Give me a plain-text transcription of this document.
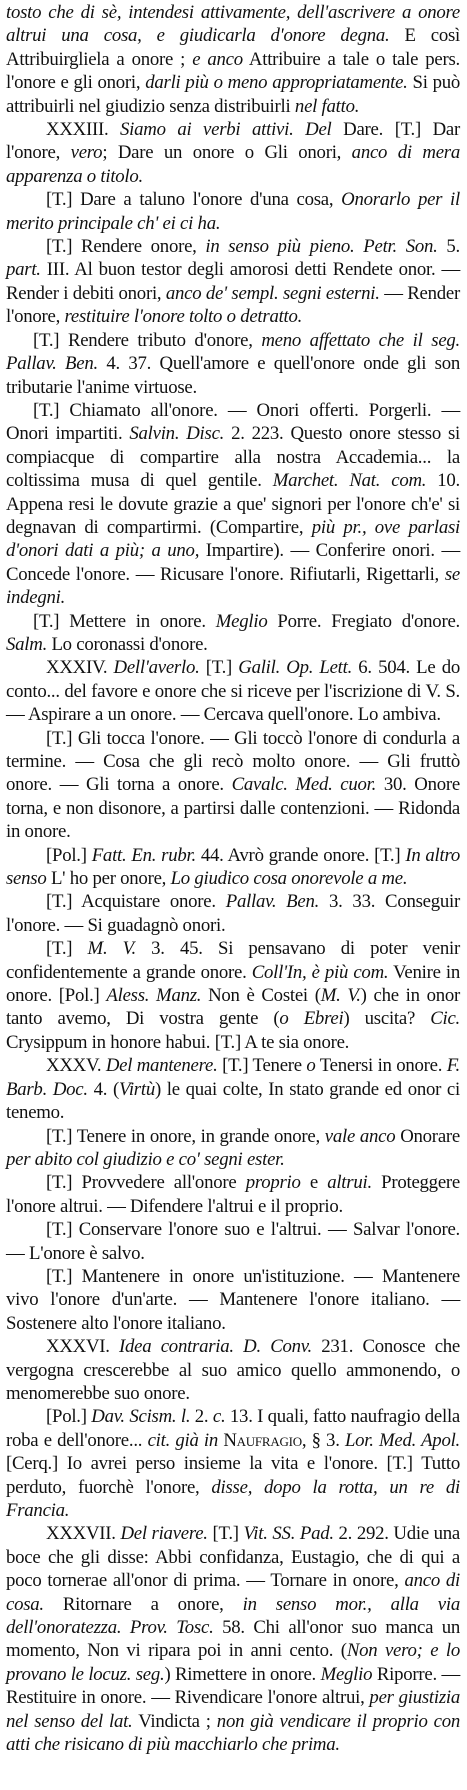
tosto che di sè, intendesi attivamente, dell'ascrivere a onore altrui una cosa, e giudicarla d'onore degna. E così Attribuirgliela a onore ; e anco Attribuire a tale o tale pers. l'onore e gli onori, darli più o meno appropriatamente. Si può attribuirli nel giudizio senza distribuirli nel fatto.

XXXIII. Siamo ai verbi attivi. Del Dare. [T.] Dar l'onore, vero; Dare un onore o Gli onori, anco di mera apparenza o titolo.

[T.] Dare a taluno l'onore d'una cosa, Onorarlo per il merito principale ch' ei ci ha.

[T.] Rendere onore, in senso più pieno. Petr. Son. 5. part. III. Al buon testor degli amorosi detti Rendete onor. — Render i debiti onori, anco de' sempl. segni esterni. — Render l'onore, restituire l'onore tolto o detratto.

[T.] Rendere tributo d'onore, meno affettato che il seg. Pallav. Ben. 4. 37. Quell'amore e quell'onore onde gli son tributarie l'anime virtuose.

[T.] Chiamato all'onore. — Onori offerti. Porgerli. — Onori impartiti. Salvin. Disc. 2. 223. Questo onore stesso si compiacque di compartire alla nostra Accademia... la coltissima musa di quel gentile. Marchet. Nat. com. 10. Appena resi le dovute grazie a que' signori per l'onore ch'e' si degnavan di compartirmi. (Compartire, più pr., ove parlasi d'onori dati a più; a uno, Impartire). — Conferire onori. — Concede l'onore. — Ricusare l'onore. Rifiutarli, Rigettarli, se indegni.

[T.] Mettere in onore. Meglio Porre. Fregiato d'onore. Salm. Lo coronassi d'onore.

XXXIV. Dell'averlo. [T.] Galil. Op. Lett. 6. 504. Le do conto... del favore e onore che si riceve per l'iscrizione di V. S. — Aspirare a un onore. — Cercava quell'onore. Lo ambiva.

[T.] Gli tocca l'onore. — Gli toccò l'onore di condurla a termine. — Cosa che gli recò molto onore. — Gli fruttò onore. — Gli torna a onore. Cavalc. Med. cuor. 30. Onore torna, e non disonore, a partirsi dalle contenzioni. — Ridonda in onore.

[Pol.] Fatt. En. rubr. 44. Avrò grande onore. [T.] In altro senso L' ho per onore, Lo giudico cosa onorevole a me.

[T.] Acquistare onore. Pallav. Ben. 3. 33. Conseguir l'onore. — Si guadagnò onori.

[T.] M. V. 3. 45. Si pensavano di poter venir confidentemente a grande onore. Coll'In, è più com. Venire in onore. [Pol.] Aless. Manz. Non è Costei (M. V.) che in onor tanto avemo, Di vostra gente (o Ebrei) uscita? Cic. Crysippum in honore habui. [T.] A te sia onore.

XXXV. Del mantenere. [T.] Tenere o Tenersi in onore. F. Barb. Doc. 4. (Virtù) le quai colte, In stato grande ed onor ci tenemo.

[T.] Tenere in onore, in grande onore, vale anco Onorare per abito col giudizio e co' segni ester.

[T.] Provvedere all'onore proprio e altrui. Proteggere l'onore altrui. — Difendere l'altrui e il proprio.

[T.] Conservare l'onore suo e l'altrui. — Salvar l'onore. — L'onore è salvo.

[T.] Mantenere in onore un'istituzione. — Mantenere vivo l'onore d'un'arte. — Mantenere l'onore italiano. — Sostenere alto l'onore italiano.

XXXVI. Idea contraria. D. Conv. 231. Conosce che vergogna crescerebbe al suo amico quello ammonendo, o menomerebbe suo onore.

[Pol.] Dav. Scism. l. 2. c. 13. I quali, fatto naufragio della roba e dell'onore... cit. già in Naufragio, § 3. Lor. Med. Apol. [Cerq.] Io avrei perso insieme la vita e l'onore. [T.] Tutto perduto, fuorchè l'onore, disse, dopo la rotta, un re di Francia.

XXXVII. Del riavere. [T.] Vit. SS. Pad. 2. 292. Udie una boce che gli disse: Abbi confidanza, Eustagio, che di qui a poco tornerae all'onor di prima. — Tornare in onore, anco di cosa. Ritornare a onore, in senso mor., alla via dell'onoratezza. Prov. Tosc. 58. Chi all'onor suo manca un momento, Non vi ripara poi in anni cento. (Non vero; e lo provano le locuz. seg.) Rimettere in onore. Meglio Riporre. — Restituire in onore. — Rivendicare l'onore altrui, per giustizia nel senso del lat. Vindicta ; non già vendicare il proprio con atti che risicano di più macchiarlo che prima.
